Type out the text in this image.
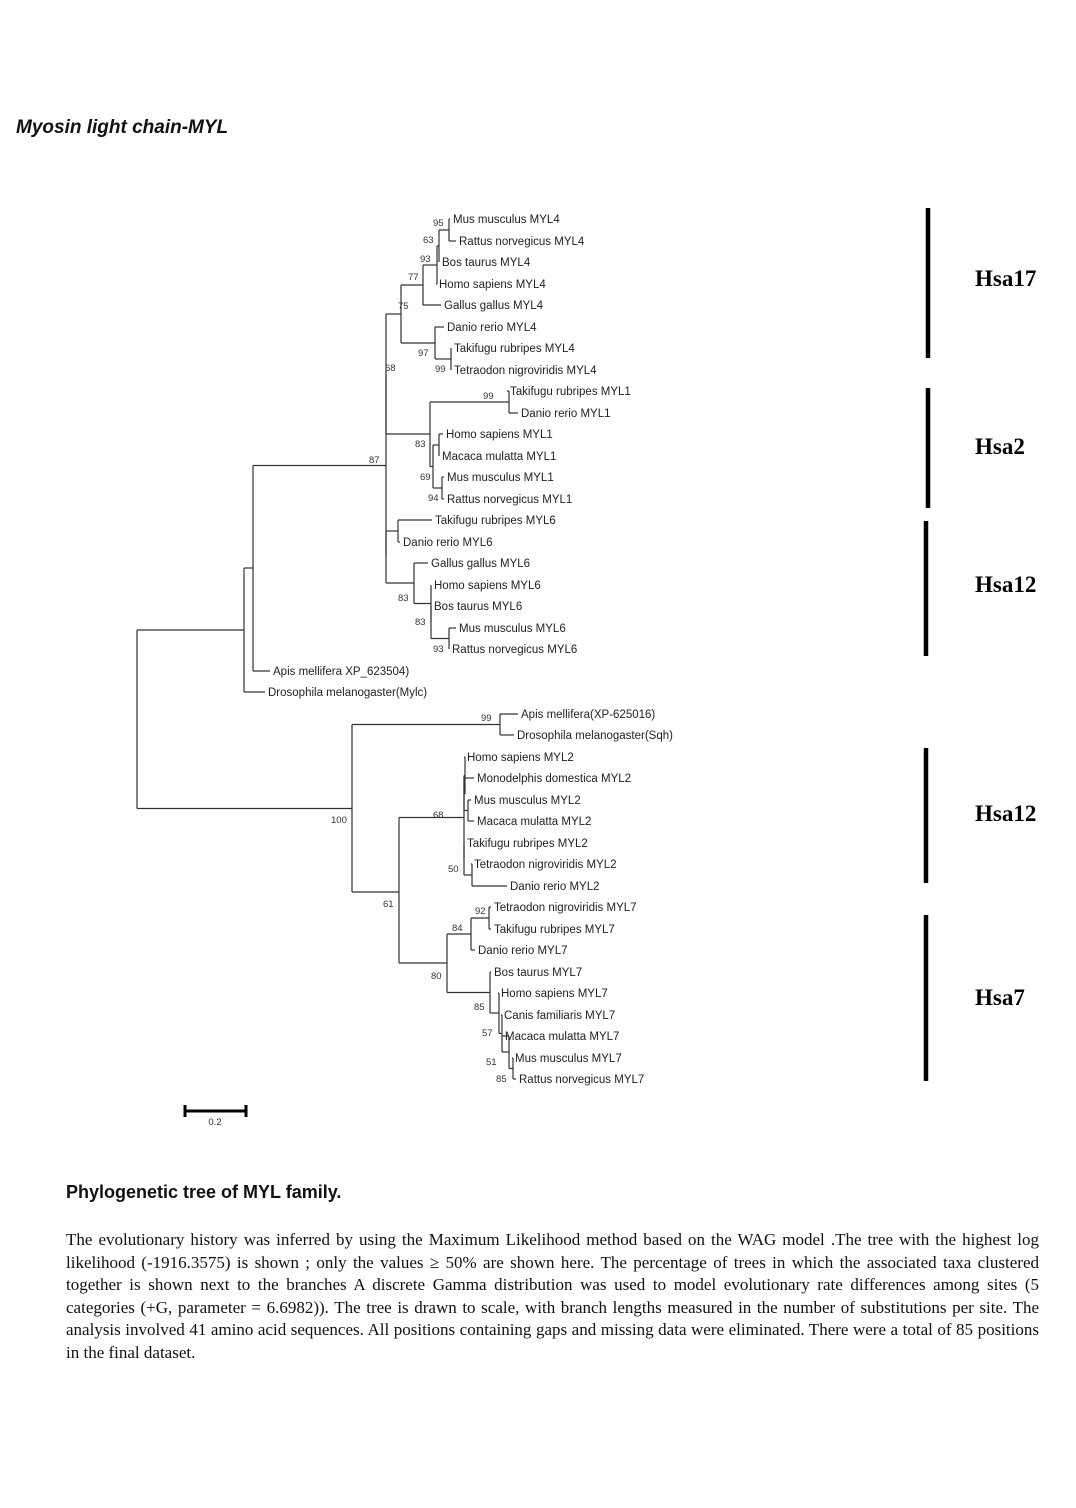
Myosin light chain-MYL
Mus musculus MYL4
Rattus norvegicus MYL4
Bos taurus MYL4
Homo sapiens MYL4
Gallus gallus MYL4
Danio rerio MYL4
Takifugu rubripes MYL4
Tetraodon nigroviridis MYL4
Takifugu rubripes MYL1
Danio rerio MYL1
Homo sapiens MYL1
Macaca mulatta MYL1
Mus musculus MYL1
Rattus norvegicus MYL1
Takifugu rubripes MYL6
Danio rerio MYL6
Gallus gallus MYL6
Homo sapiens MYL6
Bos taurus MYL6
Mus musculus MYL6
Rattus norvegicus MYL6
Apis mellifera XP_623504)
Drosophila melanogaster(Mylc)
Apis mellifera(XP-625016)
Drosophila melanogaster(Sqh)
Homo sapiens MYL2
Monodelphis domestica MYL2
Mus musculus MYL2
Macaca mulatta MYL2
Takifugu rubripes MYL2
Tetraodon nigroviridis MYL2
Danio rerio MYL2
Tetraodon nigroviridis MYL7
Takifugu rubripes MYL7
Danio rerio MYL7
Bos taurus MYL7
Homo sapiens MYL7
Canis familiaris MYL7
Macaca mulatta MYL7
Mus musculus MYL7
Rattus norvegicus MYL7
95
63
93
77
75
99
97
68
99
83
69
94
87
83
83
93
99
68
100
50
61
92
84
80
85
57
51
85
Hsa17
Hsa2
Hsa12
Hsa12
Hsa7
0.2
Phylogenetic tree of MYL family.
The evolutionary history was inferred by using the Maximum Likelihood method based on the WAG model .The tree with the highest log likelihood (-1916.3575) is shown ; only the values ≥ 50% are shown here. The percentage of trees in which the associated taxa clustered together is shown next to the branches A discrete Gamma distribution was used to model evolutionary rate differences among sites (5 categories (+G, parameter = 6.6982)). The tree is drawn to scale, with branch lengths measured in the number of substitutions per site. The analysis involved 41 amino acid sequences. All positions containing gaps and missing data were eliminated. There were a total of 85 positions in the final dataset.
